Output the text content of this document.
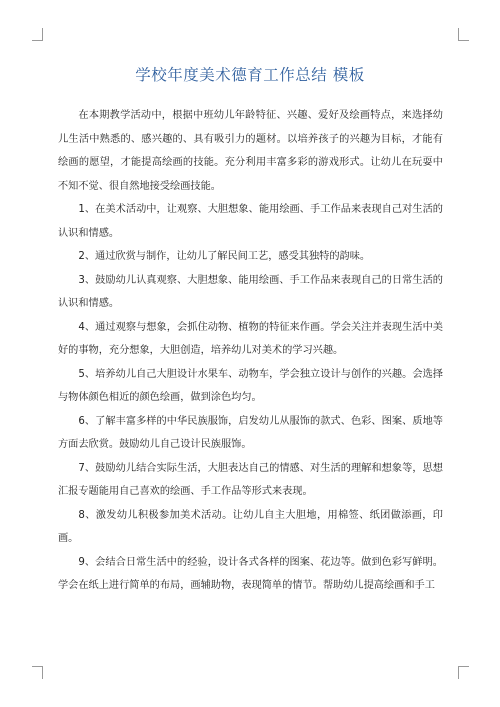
学校年度美术德育工作总结 模板

在本期教学活动中，根据中班幼儿年龄特征、兴趣、爱好及绘画特点，来选择幼儿生活中熟悉的、感兴趣的、具有吸引力的题材。以培养孩子的兴趣为目标，才能有绘画的愿望，才能提高绘画的技能。充分利用丰富多彩的游戏形式。让幼儿在玩耍中不知不觉、很自然地接受绘画技能。

1、在美术活动中，让观察、大胆想象、能用绘画、手工作品来表现自己对生活的认识和情感。

2、通过欣赏与制作，让幼儿了解民间工艺，感受其独特的韵味。

3、鼓励幼儿认真观察、大胆想象、能用绘画、手工作品来表现自己的日常生活的认识和情感。

4、通过观察与想象，会抓住动物、植物的特征来作画。学会关注并表现生活中美好的事物，充分想象，大胆创造，培养幼儿对美术的学习兴趣。

5、培养幼儿自己大胆设计水果车、动物车，学会独立设计与创作的兴趣。会选择与物体颜色相近的颜色绘画，做到涂色均匀。

6、了解丰富多样的中华民族服饰，启发幼儿从服饰的款式、色彩、图案、质地等方面去欣赏。鼓励幼儿自己设计民族服饰。

7、鼓励幼儿结合实际生活，大胆表达自己的情感、对生活的理解和想象等，思想汇报专题能用自己喜欢的绘画、手工作品等形式来表现。

8、激发幼儿积极参加美术活动。让幼儿自主大胆地，用棉签、纸团做添画，印画。

9、会结合日常生活中的经验，设计各式各样的图案、花边等。做到色彩写鲜明。学会在纸上进行简单的布局，画辅助物，表现简单的情节。帮助幼儿提高绘画和手工
